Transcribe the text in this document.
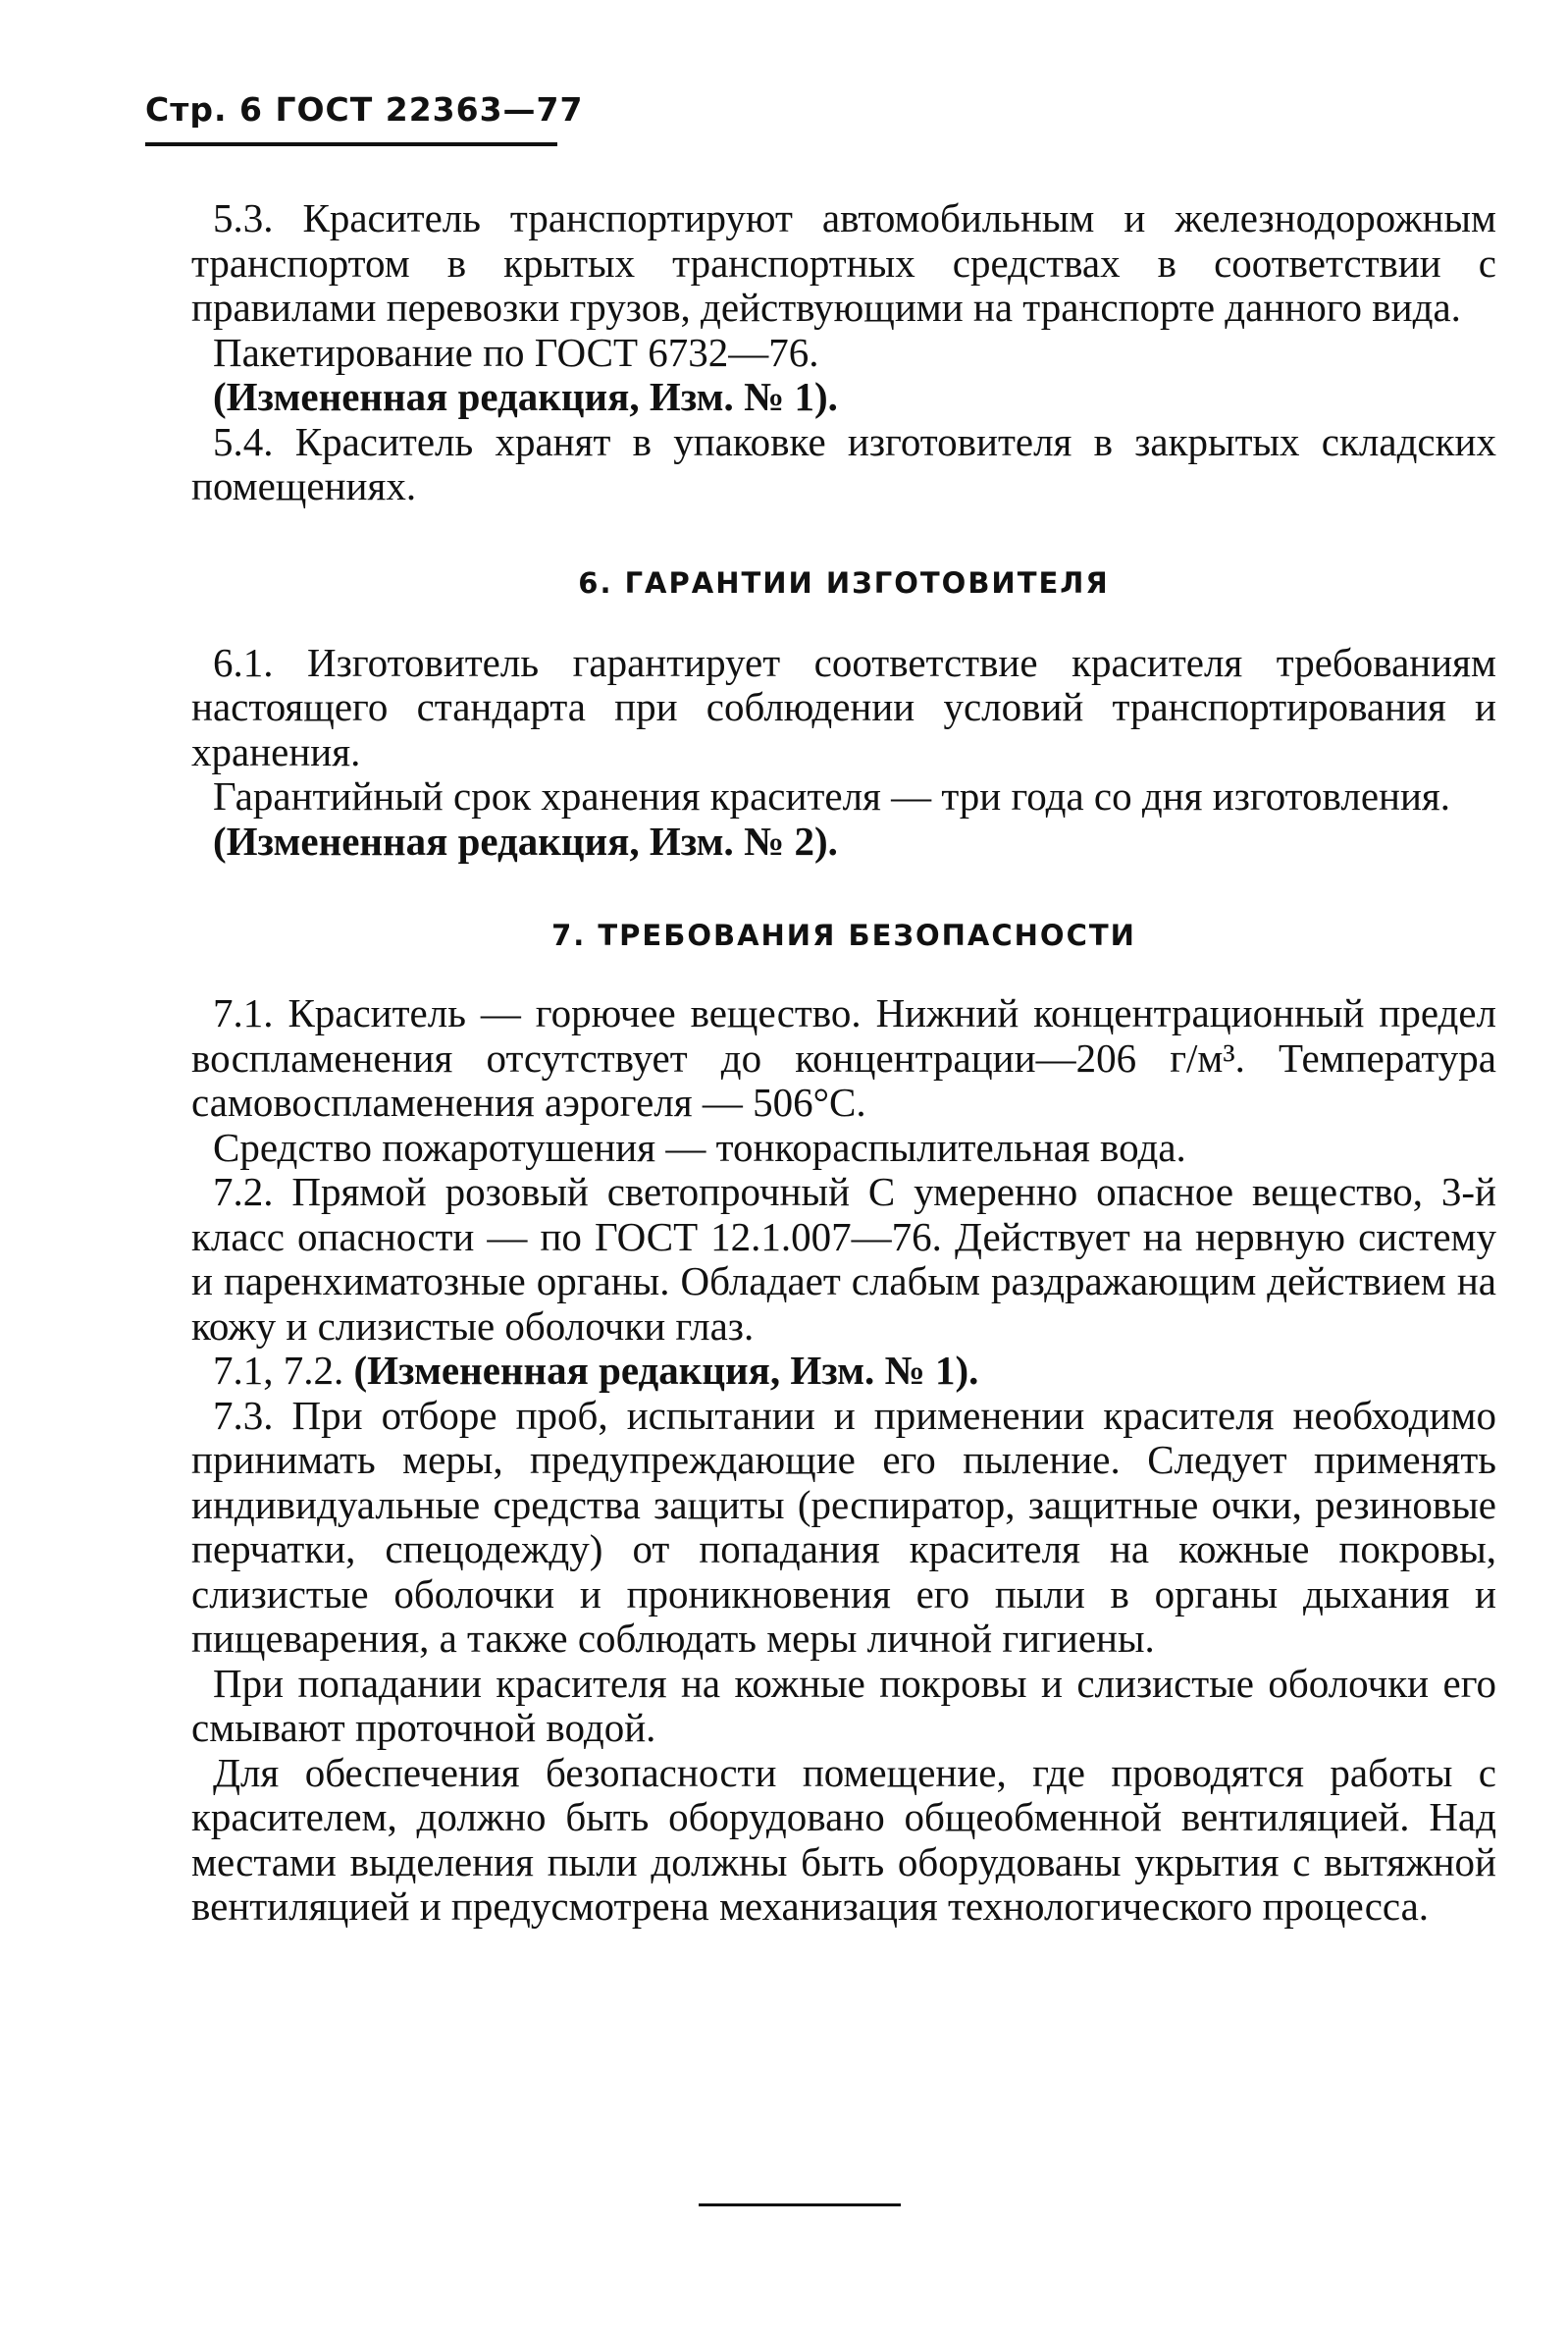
Стр. 6 ГОСТ 22363—77

5.3. Краситель транспортируют автомобильным и железнодорожным транспортом в крытых транспортных средствах в соответствии с правилами перевозки грузов, действующими на транспорте данного вида.

Пакетирование по ГОСТ 6732—76.

(Измененная редакция, Изм. № 1).

5.4. Краситель хранят в упаковке изготовителя в закрытых складских помещениях.

6. ГАРАНТИИ ИЗГОТОВИТЕЛЯ

6.1. Изготовитель гарантирует соответствие красителя требованиям настоящего стандарта при соблюдении условий транспортирования и хранения.

Гарантийный срок хранения красителя — три года со дня изготовления.

(Измененная редакция, Изм. № 2).

7. ТРЕБОВАНИЯ БЕЗОПАСНОСТИ

7.1. Краситель — горючее вещество. Нижний концентрационный предел воспламенения отсутствует до концентрации—206 г/м³. Температура самовоспламенения аэрогеля — 506°С.

Средство пожаротушения — тонкораспылительная вода.

7.2. Прямой розовый светопрочный С умеренно опасное вещество, 3-й класс опасности — по ГОСТ 12.1.007—76. Действует на нервную систему и паренхиматозные органы. Обладает слабым раздражающим действием на кожу и слизистые оболочки глаз.

7.1, 7.2. (Измененная редакция, Изм. № 1).

7.3. При отборе проб, испытании и применении красителя необходимо принимать меры, предупреждающие его пыление. Следует применять индивидуальные средства защиты (респиратор, защитные очки, резиновые перчатки, спецодежду) от попадания красителя на кожные покровы, слизистые оболочки и проникновения его пыли в органы дыхания и пищеварения, а также соблюдать меры личной гигиены.

При попадании красителя на кожные покровы и слизистые оболочки его смывают проточной водой.

Для обеспечения безопасности помещение, где проводятся работы с красителем, должно быть оборудовано общеобменной вентиляцией. Над местами выделения пыли должны быть оборудованы укрытия с вытяжной вентиляцией и предусмотрена механизация технологического процесса.
